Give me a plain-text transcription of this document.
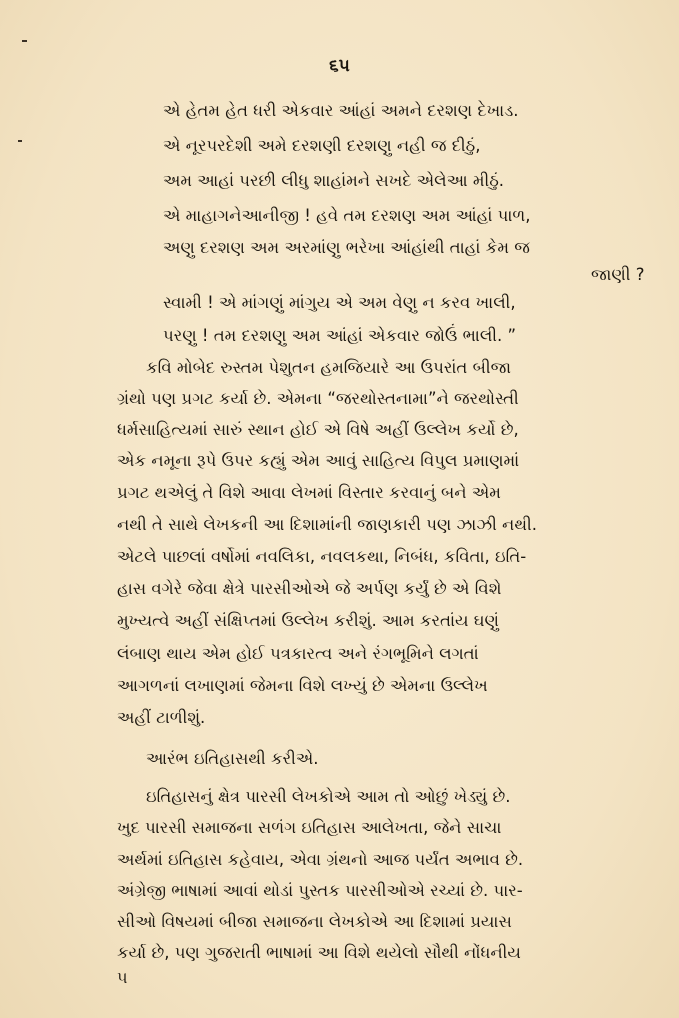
૬૫
એ હેતમ હેત ધરી એકવાર આંહાં અમને દરશણ દેખાડ.
એ નૂરપરદેશી અમે દરશણી દરશણુ નહી જ દીઠું,
અમ આહાં પરછી લીધુ શાહાંમને સખદે એલેઆ મીઠું.
એ માહાગનેઆનીજી ! હવે તમ દરશણ અમ આંહાં પાળ,
અણુ દરશણ અમ અરમાંણુ ભરેખા આંહાંથી તાહાં કેમ જ
જાણી ?
સ્વામી ! એ માંગણું માંગુય એ અમ વેણુ ન કરવ ખાલી,
પરણુ ! તમ દરશણુ અમ આંહાં એકવાર જોઉં ભાલી. ”
કવિ મોબેદ રુસ્તમ પેશુતન હમજિયારે આ ઉપરાંત બીજા
ગ્રંથો પણ પ્રગટ કર્યા છે. એમના “જરથોસ્તનામા”ને જરથોસ્તી
ધર્મસાહિત્યમાં સારું સ્થાન હોઈ એ વિષે અહીં ઉલ્લેખ કર્યો છે,
એક નમૂના રૂપે ઉપર કહ્યું એમ આવું સાહિત્ય વિપુલ પ્રમાણમાં
પ્રગટ થએલું તે વિશે આવા લેખમાં વિસ્તાર કરવાનું બને એમ
નથી તે સાથે લેખકની આ દિશામાંની જાણકારી પણ ઝાઝી નથી.
એટલે પાછલાં વર્ષોમાં નવલિકા, નવલકથા, નિબંધ, કવિતા, ઇતિ-
હાસ વગેરે જેવા ક્ષેત્રે પારસીઓએ જે અર્પણ કર્યું છે એ વિશે
મુખ્યત્વે અહીં સંક્ષિપ્તમાં ઉલ્લેખ કરીશું. આમ કરતાંય ઘણું
લંબાણ થાય એમ હોઈ પત્રકારત્વ અને રંગભૂમિને લગતાં
આગળનાં લખાણમાં જેમના વિશે લખ્યું છે એમના ઉલ્લેખ
અહીં ટાળીશું.
આરંભ ઇતિહાસથી કરીએ.
ઇતિહાસનું ક્ષેત્ર પારસી લેખકોએ આમ તો ઓછું ખેડ્યું છે.
ખુદ પારસી સમાજના સળંગ ઇતિહાસ આલેખતા, જેને સાચા
અર્થમાં ઇતિહાસ કહેવાય, એવા ગ્રંથનો આજ પર્યંત અભાવ છે.
અંગ્રેજી ભાષામાં આવાં થોડાં પુસ્તક પારસીઓએ રચ્યાં છે. પાર-
સીઓ વિષયમાં બીજા સમાજના લેખકોએ આ દિશામાં પ્રયાસ
કર્યા છે, પણ ગુજરાતી ભાષામાં આ વિશે થયેલો સૌથી નોંધનીય
૫
